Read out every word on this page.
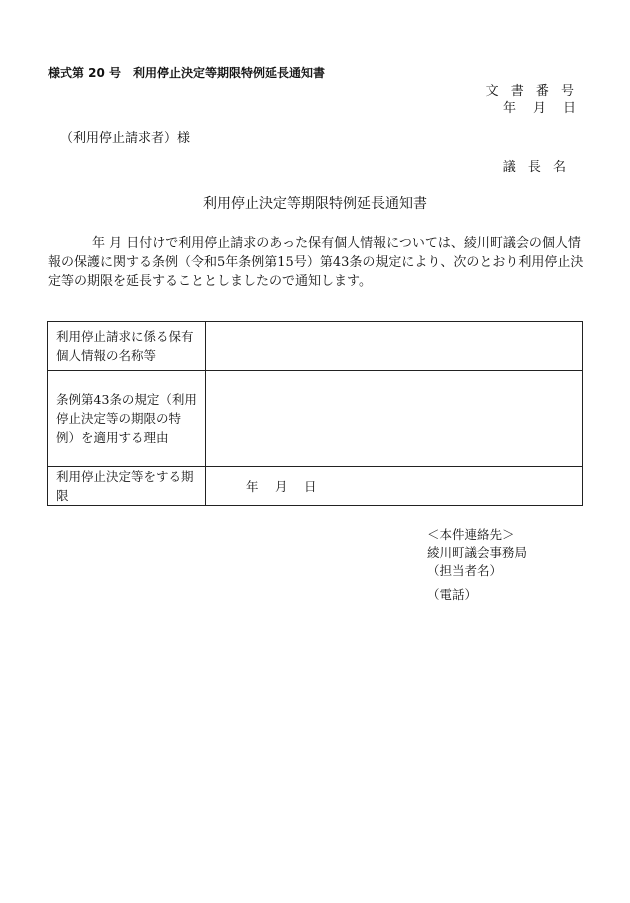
様式第 20 号　利用停止決定等期限特例延長通知書
文 書 番 号
年　月　日
（利用停止請求者）様
議 長 名
利用停止決定等期限特例延長通知書

年 月 日付けで利用停止請求のあった保有個人情報については、綾川町議会の個人情報の保護に関する条例（令和5年条例第15号）第43条の規定により、次のとおり利用停止決定等の期限を延長することとしましたので通知します。

利用停止請求に係る保有個人情報の名称等	
条例第43条の規定（利用停止決定等の期限の特例）を適用する理由	
利用停止決定等をする期限	年　月　日
＜本件連絡先＞
綾川町議会事務局
（担当者名）
（電話）
